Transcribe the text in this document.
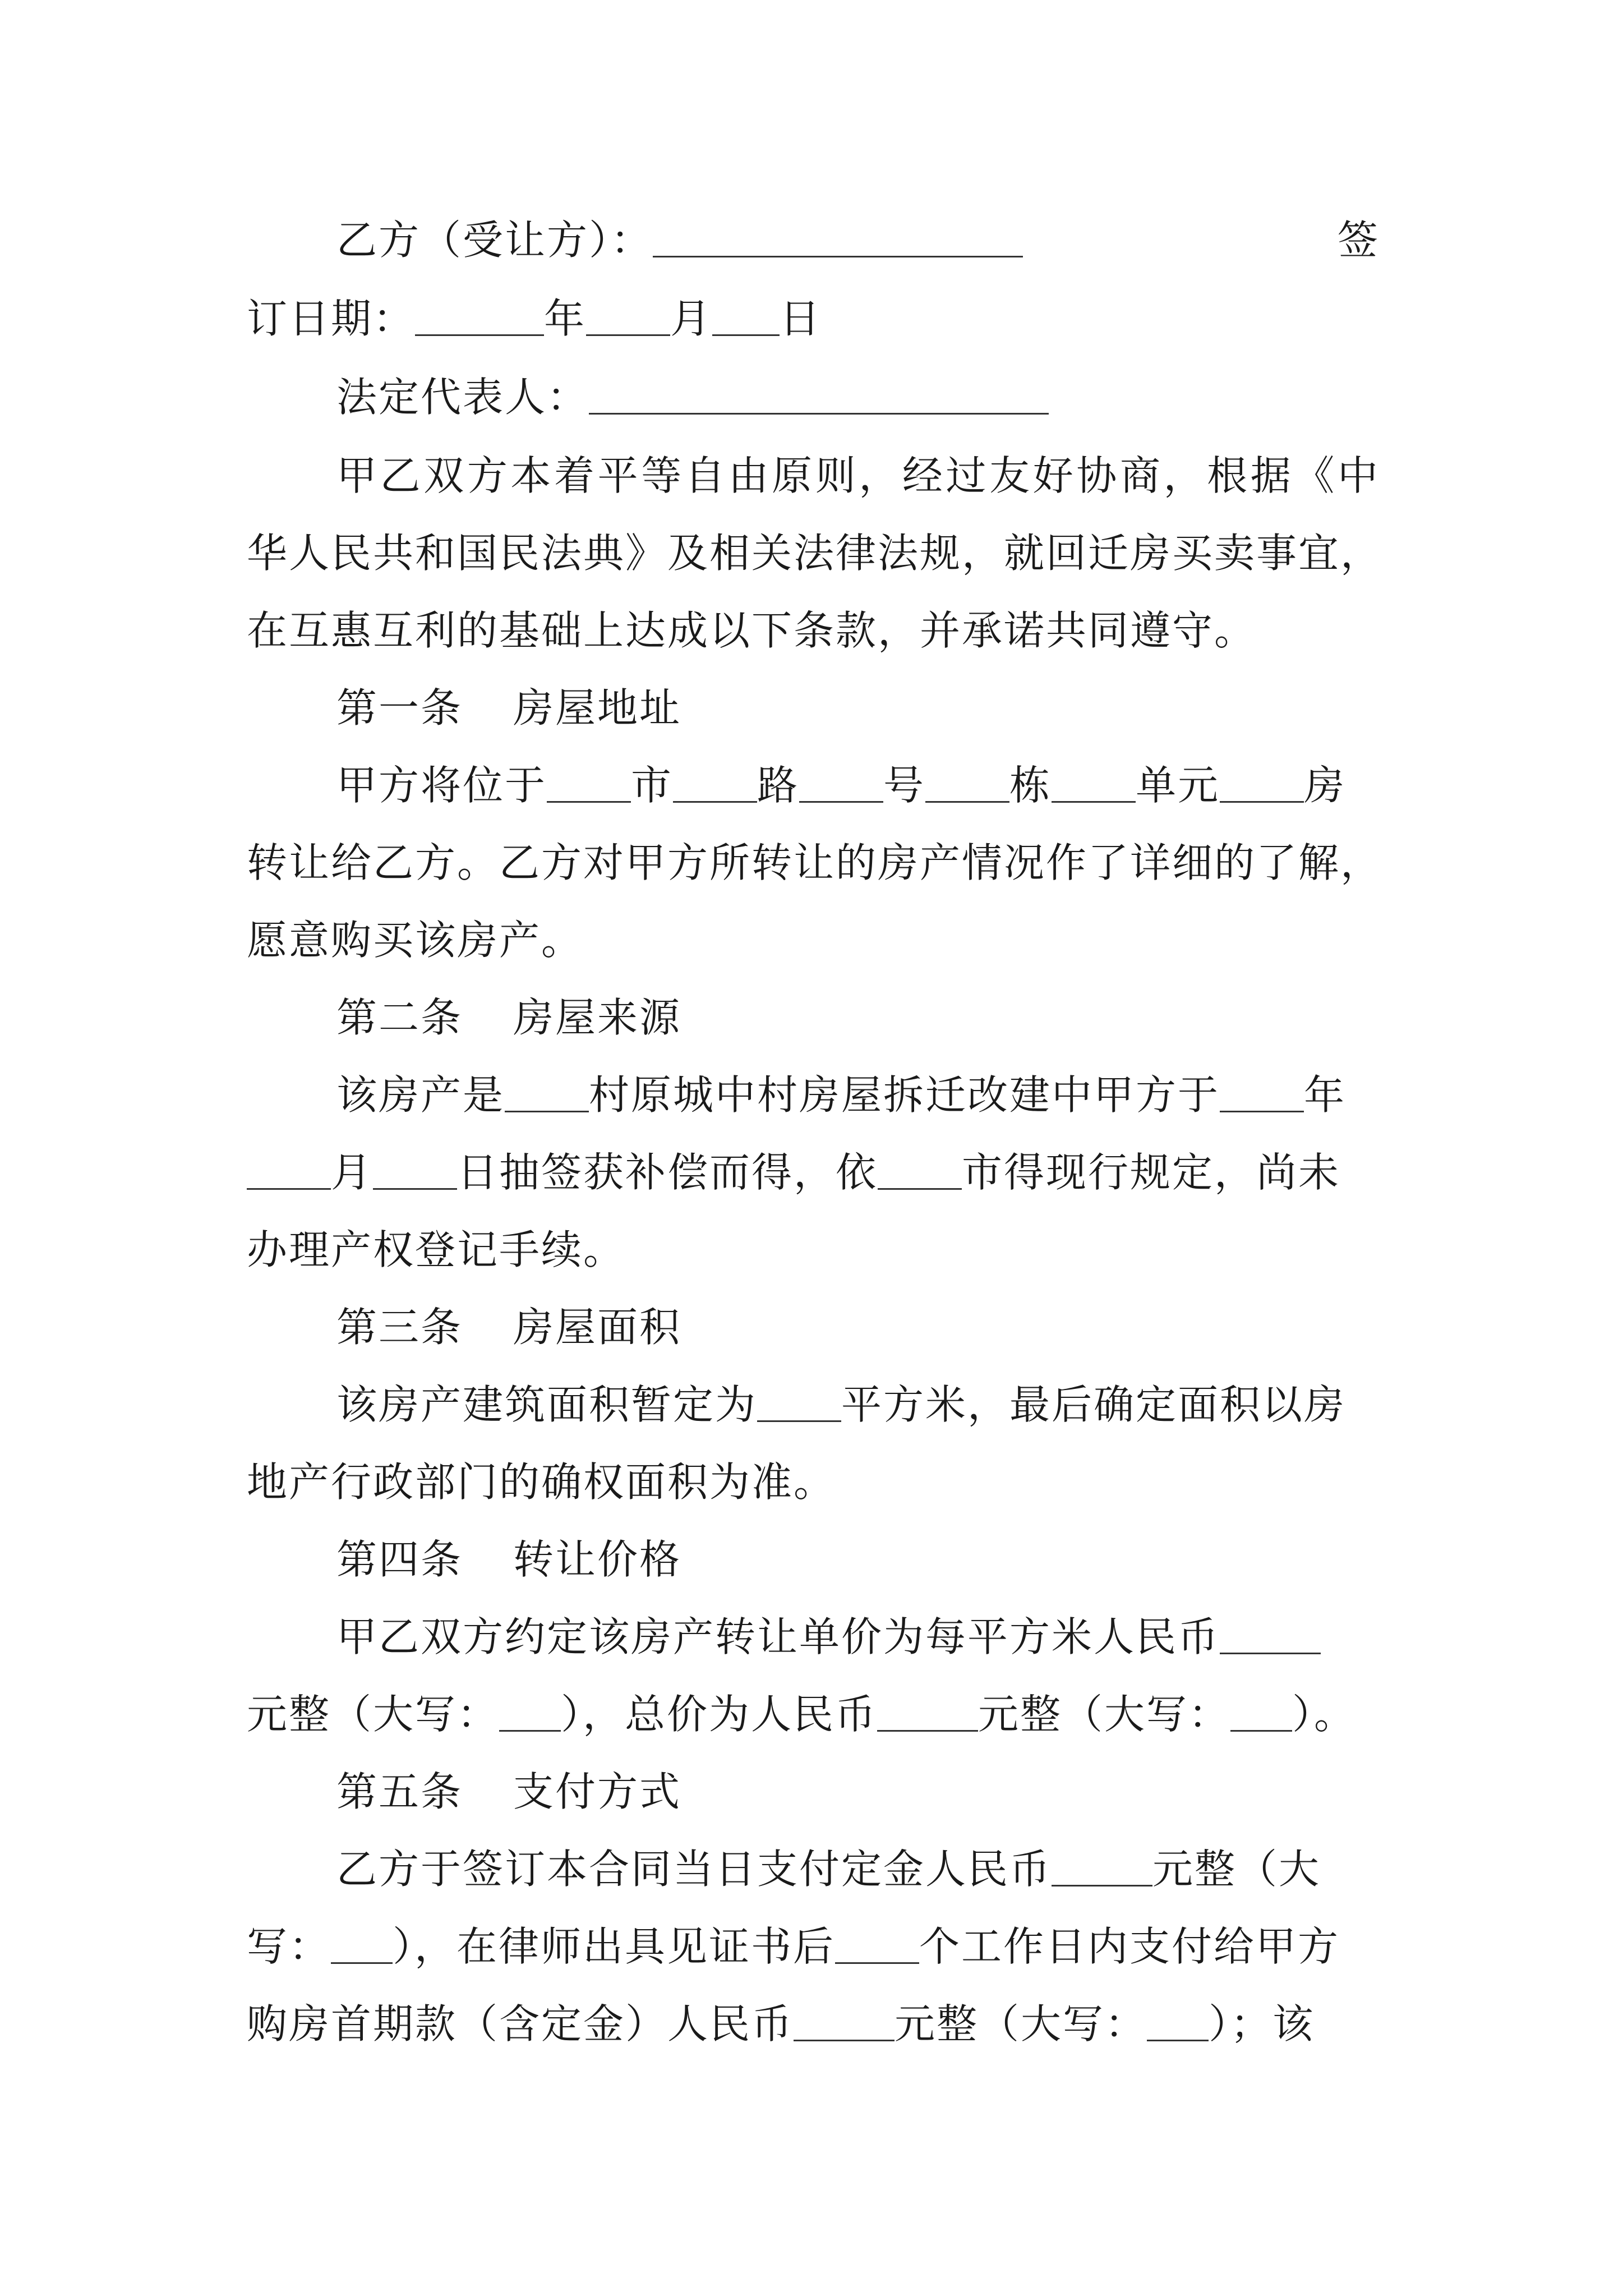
乙方（受让方）：	签
订日期：	年 月 日
法定代表人：
甲乙双方本着平等自由原则，经过友好协商，根据《中
华人民共和国民法典》及相关法律法规，就回迁房买卖事宜，
在互惠互利的基础上达成以下条款，并承诺共同遵守。
第一条 房屋地址
甲方将位于 市 路 号 栋 单元 房
转让给乙方。乙方对甲方所转让的房产情况作了详细的了解，
愿意购买该房产。
第二条 房屋来源
该房产是 村原城中村房屋拆迁改建中甲方于 年
月 日抽签获补偿而得，依 市得现行规定，尚未
办理产权登记手续。
第三条 房屋面积
该房产建筑面积暂定为 平方米，最后确定面积以房
地产行政部门的确权面积为准。
第四条 转让价格
甲乙双方约定该房产转让单价为每平方米人民币
元整（大写： ），总价为人民币	元整（大写： ）。
第五条 支付方式
乙方于签订本合同当日支付定金人民币	元整（大
写： ），在律师出具见证书后 个工作日内支付给甲方
购房首期款（含定金）人民币	元整（大写： ）；该
